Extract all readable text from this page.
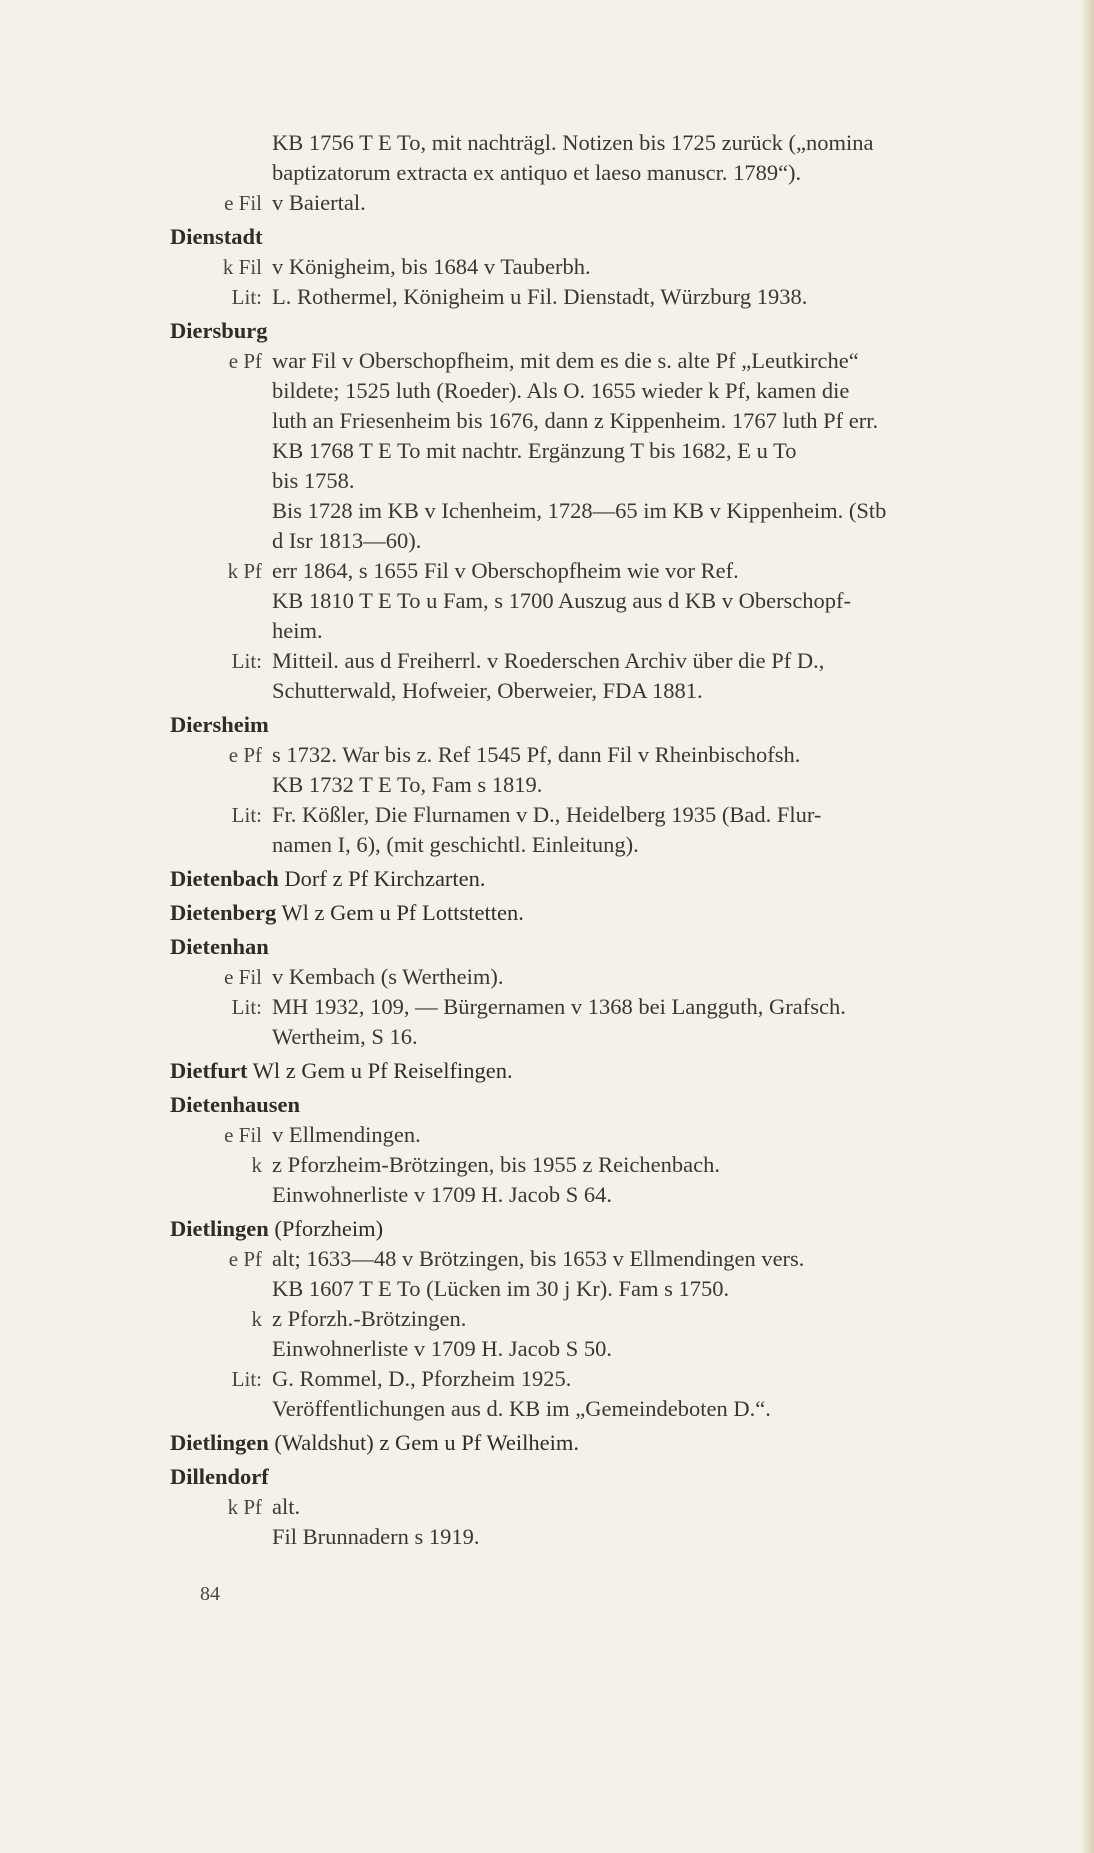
KB 1756 T E To, mit nachträgl. Notizen bis 1725 zurück („nomina

baptizatorum extracta ex antiquo et laeso manuscr. 1789“).

e Fil v Baiertal.

Dienstadt

k Fil v Königheim, bis 1684 v Tauberbh.

Lit: L. Rothermel, Königheim u Fil. Dienstadt, Würzburg 1938.

Diersburg

e Pf war Fil v Oberschopfheim, mit dem es die s. alte Pf „Leutkirche“

bildete; 1525 luth (Roeder). Als O. 1655 wieder k Pf, kamen die

luth an Friesenheim bis 1676, dann z Kippenheim. 1767 luth Pf err.

KB 1768 T E To mit nachtr. Ergänzung T bis 1682, E u To

bis 1758.

Bis 1728 im KB v Ichenheim, 1728—65 im KB v Kippenheim. (Stb

d Isr 1813—60).

k Pf err 1864, s 1655 Fil v Oberschopfheim wie vor Ref.

KB 1810 T E To u Fam, s 1700 Auszug aus d KB v Oberschopf-

heim.

Lit: Mitteil. aus d Freiherrl. v Roederschen Archiv über die Pf D.,

Schutterwald, Hofweier, Oberweier, FDA 1881.

Diersheim

e Pf s 1732. War bis z. Ref 1545 Pf, dann Fil v Rheinbischofsh.

KB 1732 T E To, Fam s 1819.

Lit: Fr. Kößler, Die Flurnamen v D., Heidelberg 1935 (Bad. Flur-

namen I, 6), (mit geschichtl. Einleitung).

Dietenbach Dorf z Pf Kirchzarten.

Dietenberg Wl z Gem u Pf Lottstetten.

Dietenhan

e Fil v Kembach (s Wertheim).

Lit: MH 1932, 109, — Bürgernamen v 1368 bei Langguth, Grafsch.

Wertheim, S 16.

Dietfurt Wl z Gem u Pf Reiselfingen.

Dietenhausen

e Fil v Ellmendingen.

k z Pforzheim-Brötzingen, bis 1955 z Reichenbach.

Einwohnerliste v 1709 H. Jacob S 64.

Dietlingen (Pforzheim)

e Pf alt; 1633—48 v Brötzingen, bis 1653 v Ellmendingen vers.

KB 1607 T E To (Lücken im 30 j Kr). Fam s 1750.

k z Pforzh.-Brötzingen.

Einwohnerliste v 1709 H. Jacob S 50.

Lit: G. Rommel, D., Pforzheim 1925.

Veröffentlichungen aus d. KB im „Gemeindeboten D.“.

Dietlingen (Waldshut) z Gem u Pf Weilheim.

Dillendorf

k Pf alt.

Fil Brunnadern s 1919.

84
